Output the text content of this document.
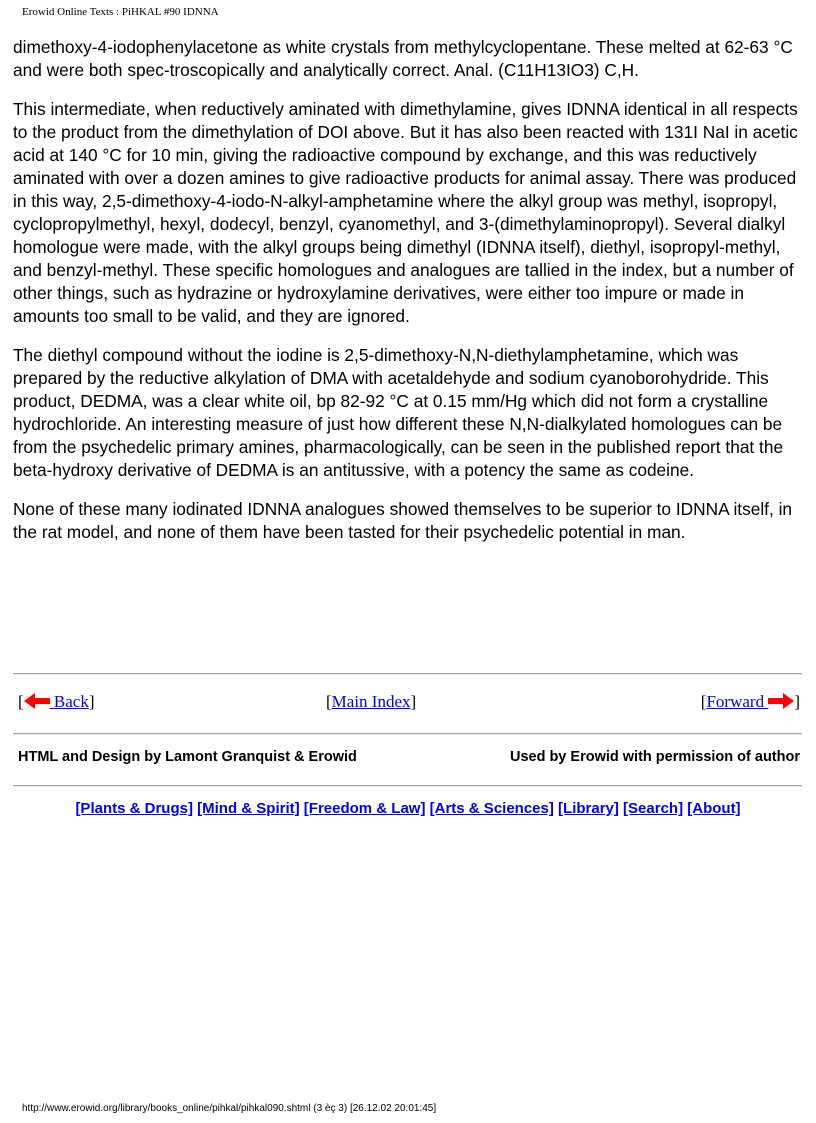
Erowid Online Texts : PiHKAL #90 IDNNA

dimethoxy-4-iodophenylacetone as white crystals from methylcyclopentane. These melted at 62-63 °C and were both spec-troscopically and analytically correct. Anal. (C11H13IO3) C,H.

This intermediate, when reductively aminated with dimethylamine, gives IDNNA identical in all respects to the product from the dimethylation of DOI above. But it has also been reacted with 131I NaI in acetic acid at 140 °C for 10 min, giving the radioactive compound by exchange, and this was reductively aminated with over a dozen amines to give radioactive products for animal assay. There was produced in this way, 2,5-dimethoxy-4-iodo-N-alkyl-amphetamine where the alkyl group was methyl, isopropyl, cyclopropylmethyl, hexyl, dodecyl, benzyl, cyanomethyl, and 3-(dimethylaminopropyl). Several dialkyl homologue were made, with the alkyl groups being dimethyl (IDNNA itself), diethyl, isopropyl-methyl, and benzyl-methyl. These specific homologues and analogues are tallied in the index, but a number of other things, such as hydrazine or hydroxylamine derivatives, were either too impure or made in amounts too small to be valid, and they are ignored.

The diethyl compound without the iodine is 2,5-dimethoxy-N,N-diethylamphetamine, which was prepared by the reductive alkylation of DMA with acetaldehyde and sodium cyanoborohydride. This product, DEDMA, was a clear white oil, bp 82-92 °C at 0.15 mm/Hg which did not form a crystalline hydrochloride. An interesting measure of just how different these N,N-dialkylated homologues can be from the psychedelic primary amines, pharmacologically, can be seen in the published report that the beta-hydroxy derivative of DEDMA is an antitussive, with a potency the same as codeine.

None of these many iodinated IDNNA analogues showed themselves to be superior to IDNNA itself, in the rat model, and none of them have been tasted for their psychedelic potential in man.

[ Back]	[Main Index]	[Forward ]
HTML and Design by Lamont Granquist & Erowid	Used by Erowid with permission of author
[Plants & Drugs] [Mind & Spirit] [Freedom & Law] [Arts & Sciences] [Library] [Search] [About]
http://www.erowid.org/library/books_online/pihkal/pihkal090.shtml (3 èç 3) [26.12.02 20:01:45]
